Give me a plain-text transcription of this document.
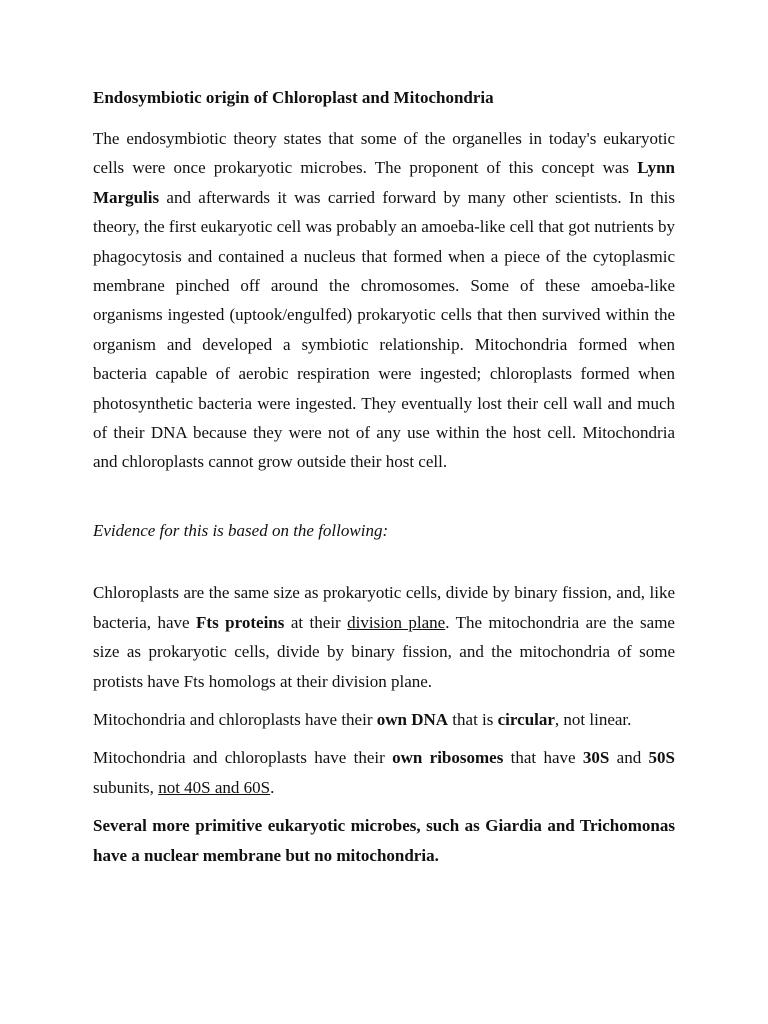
Endosymbiotic origin of Chloroplast and Mitochondria

The endosymbiotic theory states that some of the organelles in today's eukaryotic cells were once prokaryotic microbes. The proponent of this concept was Lynn Margulis and afterwards it was carried forward by many other scientists. In this theory, the first eukaryotic cell was probably an amoeba-like cell that got nutrients by phagocytosis and contained a nucleus that formed when a piece of the cytoplasmic membrane pinched off around the chromosomes. Some of these amoeba-like organisms ingested (uptook/engulfed) prokaryotic cells that then survived within the organism and developed a symbiotic relationship. Mitochondria formed when bacteria capable of aerobic respiration were ingested; chloroplasts formed when photosynthetic bacteria were ingested. They eventually lost their cell wall and much of their DNA because they were not of any use within the host cell. Mitochondria and chloroplasts cannot grow outside their host cell.

Evidence for this is based on the following:

Chloroplasts are the same size as prokaryotic cells, divide by binary fission, and, like bacteria, have Fts proteins at their division plane. The mitochondria are the same size as prokaryotic cells, divide by binary fission, and the mitochondria of some protists have Fts homologs at their division plane.

Mitochondria and chloroplasts have their own DNA that is circular, not linear.

Mitochondria and chloroplasts have their own ribosomes that have 30S and 50S subunits, not 40S and 60S.

Several more primitive eukaryotic microbes, such as Giardia and Trichomonas have a nuclear membrane but no mitochondria.
